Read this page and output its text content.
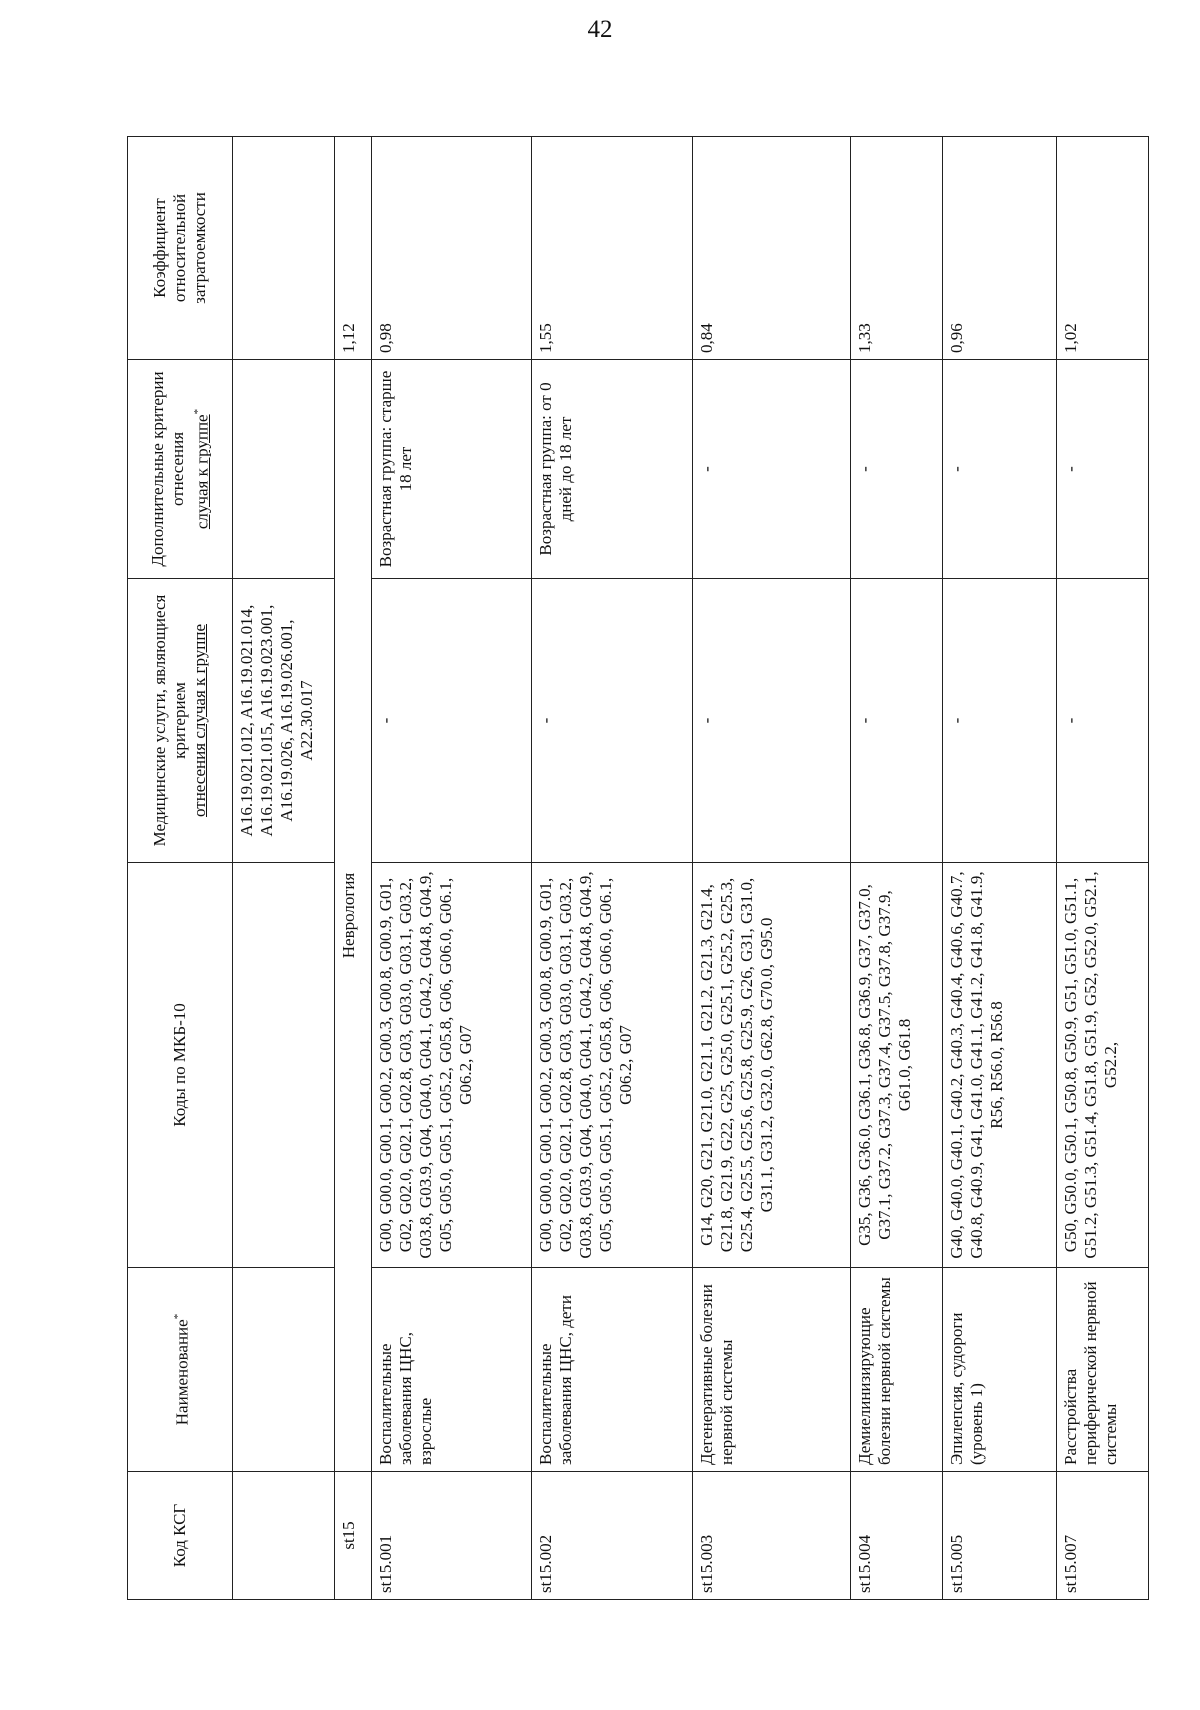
42
Код КСГ	Наименование*	Коды по МКБ-10	Медицинские услуги, являющиеся критерием
отнесения случая к группе	Дополнительные критерии отнесения случая к группе*	Коэффициент относительной затратоемкости
			A16.19.021.012, A16.19.021.014, A16.19.021.015, A16.19.023.001, A16.19.026, A16.19.026.001, A22.30.017		
st15	Неврология				1,12
st15.001	Воспалительные заболевания ЦНС, взрослые	G00, G00.0, G00.1, G00.2, G00.3, G00.8, G00.9, G01, G02, G02.0, G02.1, G02.8, G03, G03.0, G03.1, G03.2, G03.8, G03.9, G04, G04.0, G04.1, G04.2, G04.8, G04.9, G05, G05.0, G05.1, G05.2, G05.8, G06, G06.0, G06.1, G06.2, G07	-	Возрастная группа: старше 18 лет	0,98
st15.002	Воспалительные заболевания ЦНС, дети	G00, G00.0, G00.1, G00.2, G00.3, G00.8, G00.9, G01, G02, G02.0, G02.1, G02.8, G03, G03.0, G03.1, G03.2, G03.8, G03.9, G04, G04.0, G04.1, G04.2, G04.8, G04.9, G05, G05.0, G05.1, G05.2, G05.8, G06, G06.0, G06.1, G06.2, G07	-	Возрастная группа: от 0 дней до 18 лет	1,55
st15.003	Дегенеративные болезни нервной системы	G14, G20, G21, G21.0, G21.1, G21.2, G21.3, G21.4, G21.8, G21.9, G22, G25, G25.0, G25.1, G25.2, G25.3, G25.4, G25.5, G25.6, G25.8, G25.9, G26, G31, G31.0, G31.1, G31.2, G32.0, G62.8, G70.0, G95.0	-	-	0,84
st15.004	Демиелинизирующие болезни нервной системы	G35, G36, G36.0, G36.1, G36.8, G36.9, G37, G37.0, G37.1, G37.2, G37.3, G37.4, G37.5, G37.8, G37.9, G61.0, G61.8	-	-	1,33
st15.005	Эпилепсия, судороги (уровень 1)	G40, G40.0, G40.1, G40.2, G40.3, G40.4, G40.6, G40.7, G40.8, G40.9, G41, G41.0, G41.1, G41.2, G41.8, G41.9, R56, R56.0, R56.8	-	-	0,96
st15.007	Расстройства периферической нервной системы	G50, G50.0, G50.1, G50.8, G50.9, G51, G51.0, G51.1, G51.2, G51.3, G51.4, G51.8, G51.9, G52, G52.0, G52.1, G52.2,	-	-	1,02
